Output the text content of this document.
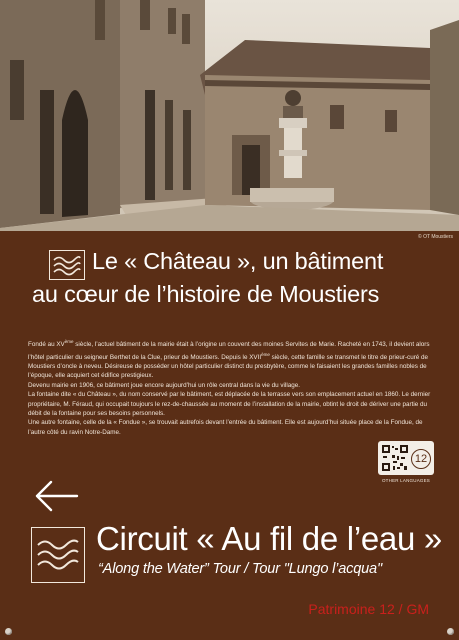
© OT Moustiers
Le « Château », un bâtiment
au cœur de l’histoire de Moustiers

Fondé au XVème siècle, l’actuel bâtiment de la mairie était à l’origine un couvent des moines Servites de Marie. Racheté en 1743, il devient alors l’hôtel particulier du seigneur Berthet de la Clue, prieur de Moustiers. Depuis le XVIIème siècle, cette famille se transmet le titre de prieur-curé de Moustiers d’oncle à neveu. Désireuse de posséder un hôtel particulier distinct du presbytère, comme le faisaient les grandes familles nobles de l’époque, elle acquiert cet édifice prestigieux.

Devenu mairie en 1906, ce bâtiment joue encore aujourd’hui un rôle central dans la vie du village.

La fontaine dite « du Château », du nom conservé par le bâtiment, est déplacée de la terrasse vers son emplacement actuel en 1860. Le dernier propriétaire, M. Féraud, qui occupait toujours le rez-de-chaussée au moment de l’installation de la mairie, obtint le droit de dériver une partie du débit de la fontaine pour ses besoins personnels.

Une autre fontaine, celle de la « Fondue », se trouvait autrefois devant l’entrée du bâtiment. Elle est aujourd’hui située place de la Fondue, de l’autre côté du ravin Notre-Dame.

12
OTHER LANGUAGES
Circuit « Au fil de l’eau »
“Along the Water” Tour / Tour "Lungo l’acqua"
Patrimoine 12 / GM
